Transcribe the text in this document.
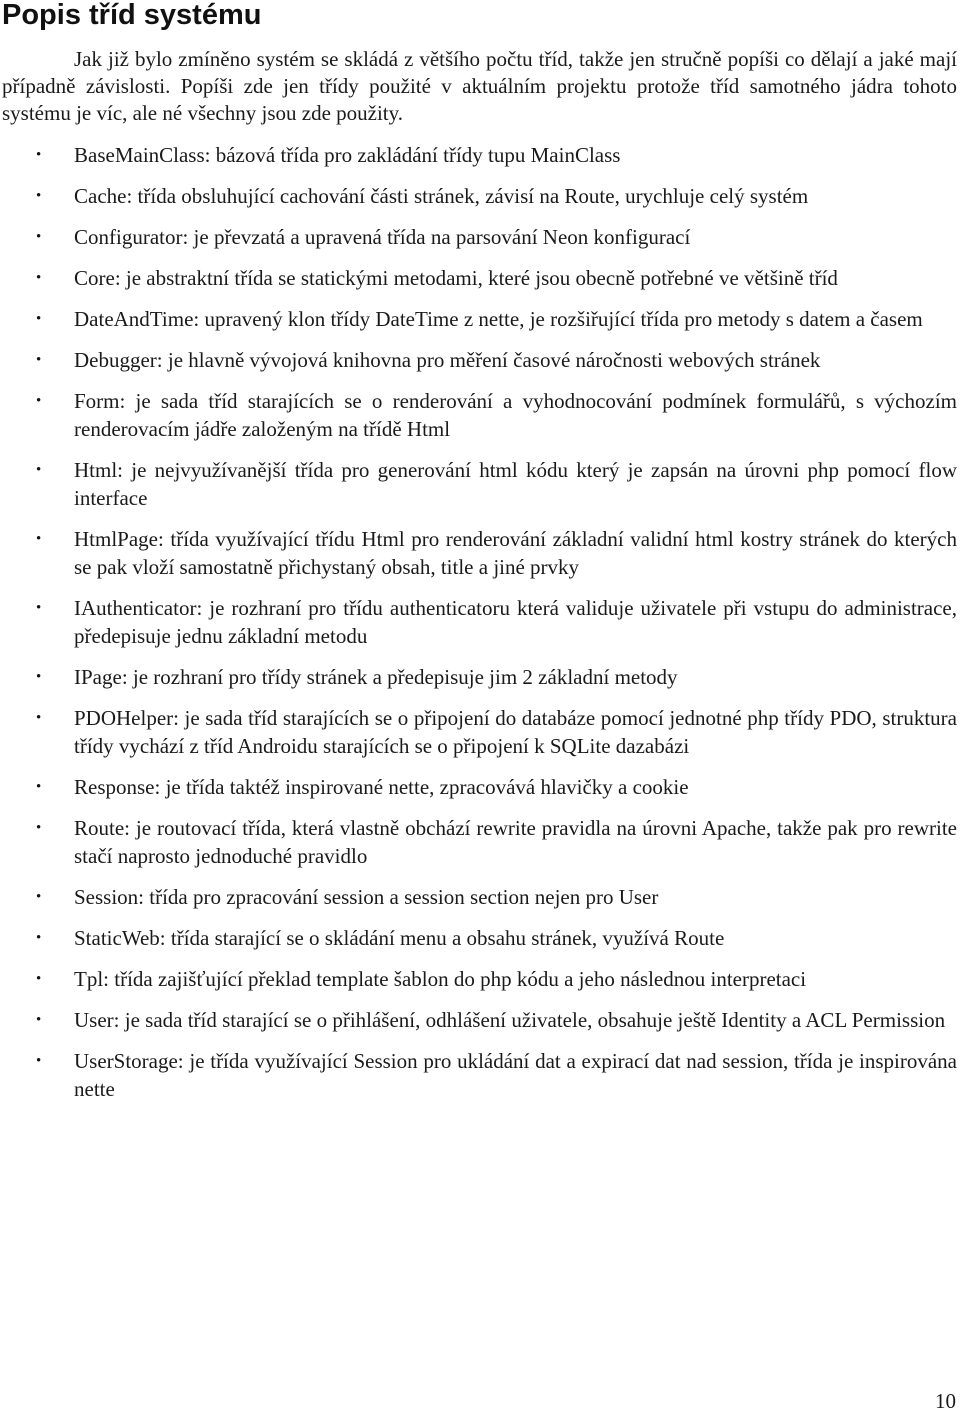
Popis tříd systému

Jak již bylo zmíněno systém se skládá z většího počtu tříd, takže jen stručně popíši co dělají a jaké mají případně závislosti. Popíši zde jen třídy použité v aktuálním projektu protože tříd samotného jádra tohoto systému je víc, ale né všechny jsou zde použity.

•	BaseMainClass: bázová třída pro zakládání třídy tupu MainClass
•	Cache: třída obsluhující cachování části stránek, závisí na Route, urychluje celý systém
•	Configurator: je převzatá a upravená třída na parsování Neon konfigurací
•	Core: je abstraktní třída se statickými metodami, které jsou obecně potřebné ve většině tříd
•	DateAndTime: upravený klon třídy DateTime z nette, je rozšiřující třída pro metody s datem a časem
•	Debugger: je hlavně vývojová knihovna pro měření časové náročnosti webových stránek
•	Form: je sada tříd starajících se o renderování a vyhodnocování podmínek formulářů, s výchozím renderovacím jádře založeným na třídě Html
•	Html: je nejvyužívanější třída pro generování html kódu který je zapsán na úrovni php pomocí flow interface
•	HtmlPage: třída využívající třídu Html pro renderování základní validní html kostry stránek do kterých se pak vloží samostatně přichystaný obsah, title a jiné prvky
•	IAuthenticator: je rozhraní pro třídu authenticatoru která validuje uživatele při vstupu do administrace, předepisuje jednu základní metodu
•	IPage: je rozhraní pro třídy stránek a předepisuje jim 2 základní metody
•	PDOHelper: je sada tříd starajících se o připojení do databáze pomocí jednotné php třídy PDO, struktura třídy vychází z tříd Androidu starajících se o připojení k SQLite dazabázi
•	Response: je třída taktéž inspirované nette, zpracovává hlavičky a cookie
•	Route: je routovací třída, která vlastně obchází rewrite pravidla na úrovni Apache, takže pak pro rewrite stačí naprosto jednoduché pravidlo
•	Session: třída pro zpracování session a session section nejen pro User
•	StaticWeb: třída starající se o skládání menu a obsahu stránek, využívá Route
•	Tpl: třída zajišťující překlad template šablon do php kódu a jeho následnou interpretaci
•	User: je sada tříd starající se o přihlášení, odhlášení uživatele, obsahuje ještě Identity a ACL Permission
•	UserStorage: je třída využívající Session pro ukládání dat a expirací dat nad session, třída je inspirována nette
10
